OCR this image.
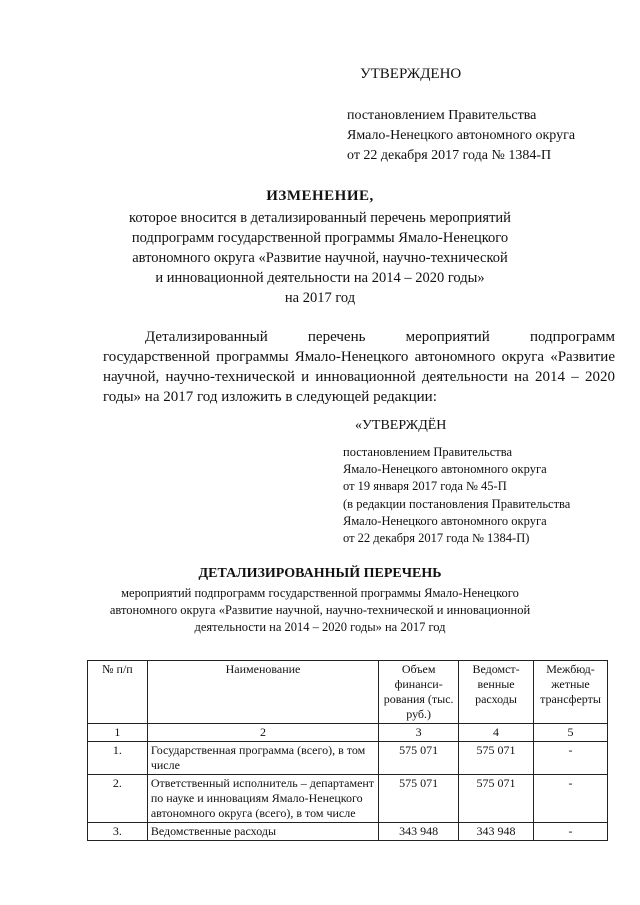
УТВЕРЖДЕНО
постановлением Правительства
Ямало-Ненецкого автономного округа
от 22 декабря 2017 года № 1384-П
ИЗМЕНЕНИЕ,
которое вносится в детализированный перечень мероприятий
подпрограмм государственной программы Ямало-Ненецкого
автономного округа «Развитие научной, научно-технической
и инновационной деятельности на 2014 – 2020 годы»
на 2017 год
Детализированный перечень мероприятий подпрограмм государственной программы Ямало-Ненецкого автономного округа «Развитие научной, научно-технической и инновационной деятельности на 2014 – 2020 годы» на 2017 год изложить в следующей редакции:
«УТВЕРЖДЁН
постановлением Правительства
Ямало-Ненецкого автономного округа
от 19 января 2017 года № 45-П
(в редакции постановления Правительства
Ямало-Ненецкого автономного округа
от 22 декабря 2017 года № 1384-П)
ДЕТАЛИЗИРОВАННЫЙ ПЕРЕЧЕНЬ
мероприятий подпрограмм государственной программы Ямало-Ненецкого
автономного округа «Развитие научной, научно-технической и инновационной
деятельности на 2014 – 2020 годы» на 2017 год
№ п/п	Наименование	Объем финанси-рования (тыс. руб.)	Ведомст-венные расходы	Межбюд-жетные трансферты
1	2	3	4	5
1.	Государственная программа (всего), в том числе	575 071	575 071	-
2.	Ответственный исполнитель – департамент по науке и инновациям Ямало-Ненецкого автономного округа (всего), в том числе	575 071	575 071	-
3.	Ведомственные расходы	343 948	343 948	-
